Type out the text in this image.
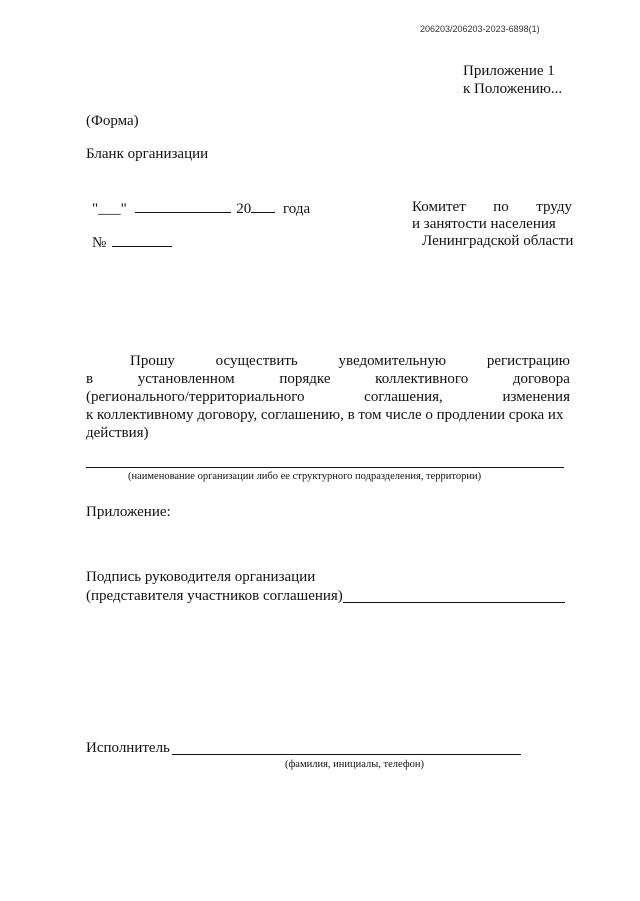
206203/206203-2023-6898(1)
Приложение 1
к Положению...
(Форма)
Бланк организации
"___"	20 года
№
Комитет по труду
и занятости населения
Ленинградской области
Прошу	осуществить	уведомительную	регистрацию
в	установленном	порядке	коллективного	договора
(регионального/территориального	соглашения,	изменения
к коллективному договору, соглашению, в том числе о продлении срока их
действия)
(наименование организации либо ее структурного подразделения, территории)
Приложение:
Подпись руководителя организации
(представителя участников соглашения)
Исполнитель
(фамилия, инициалы, телефон)
